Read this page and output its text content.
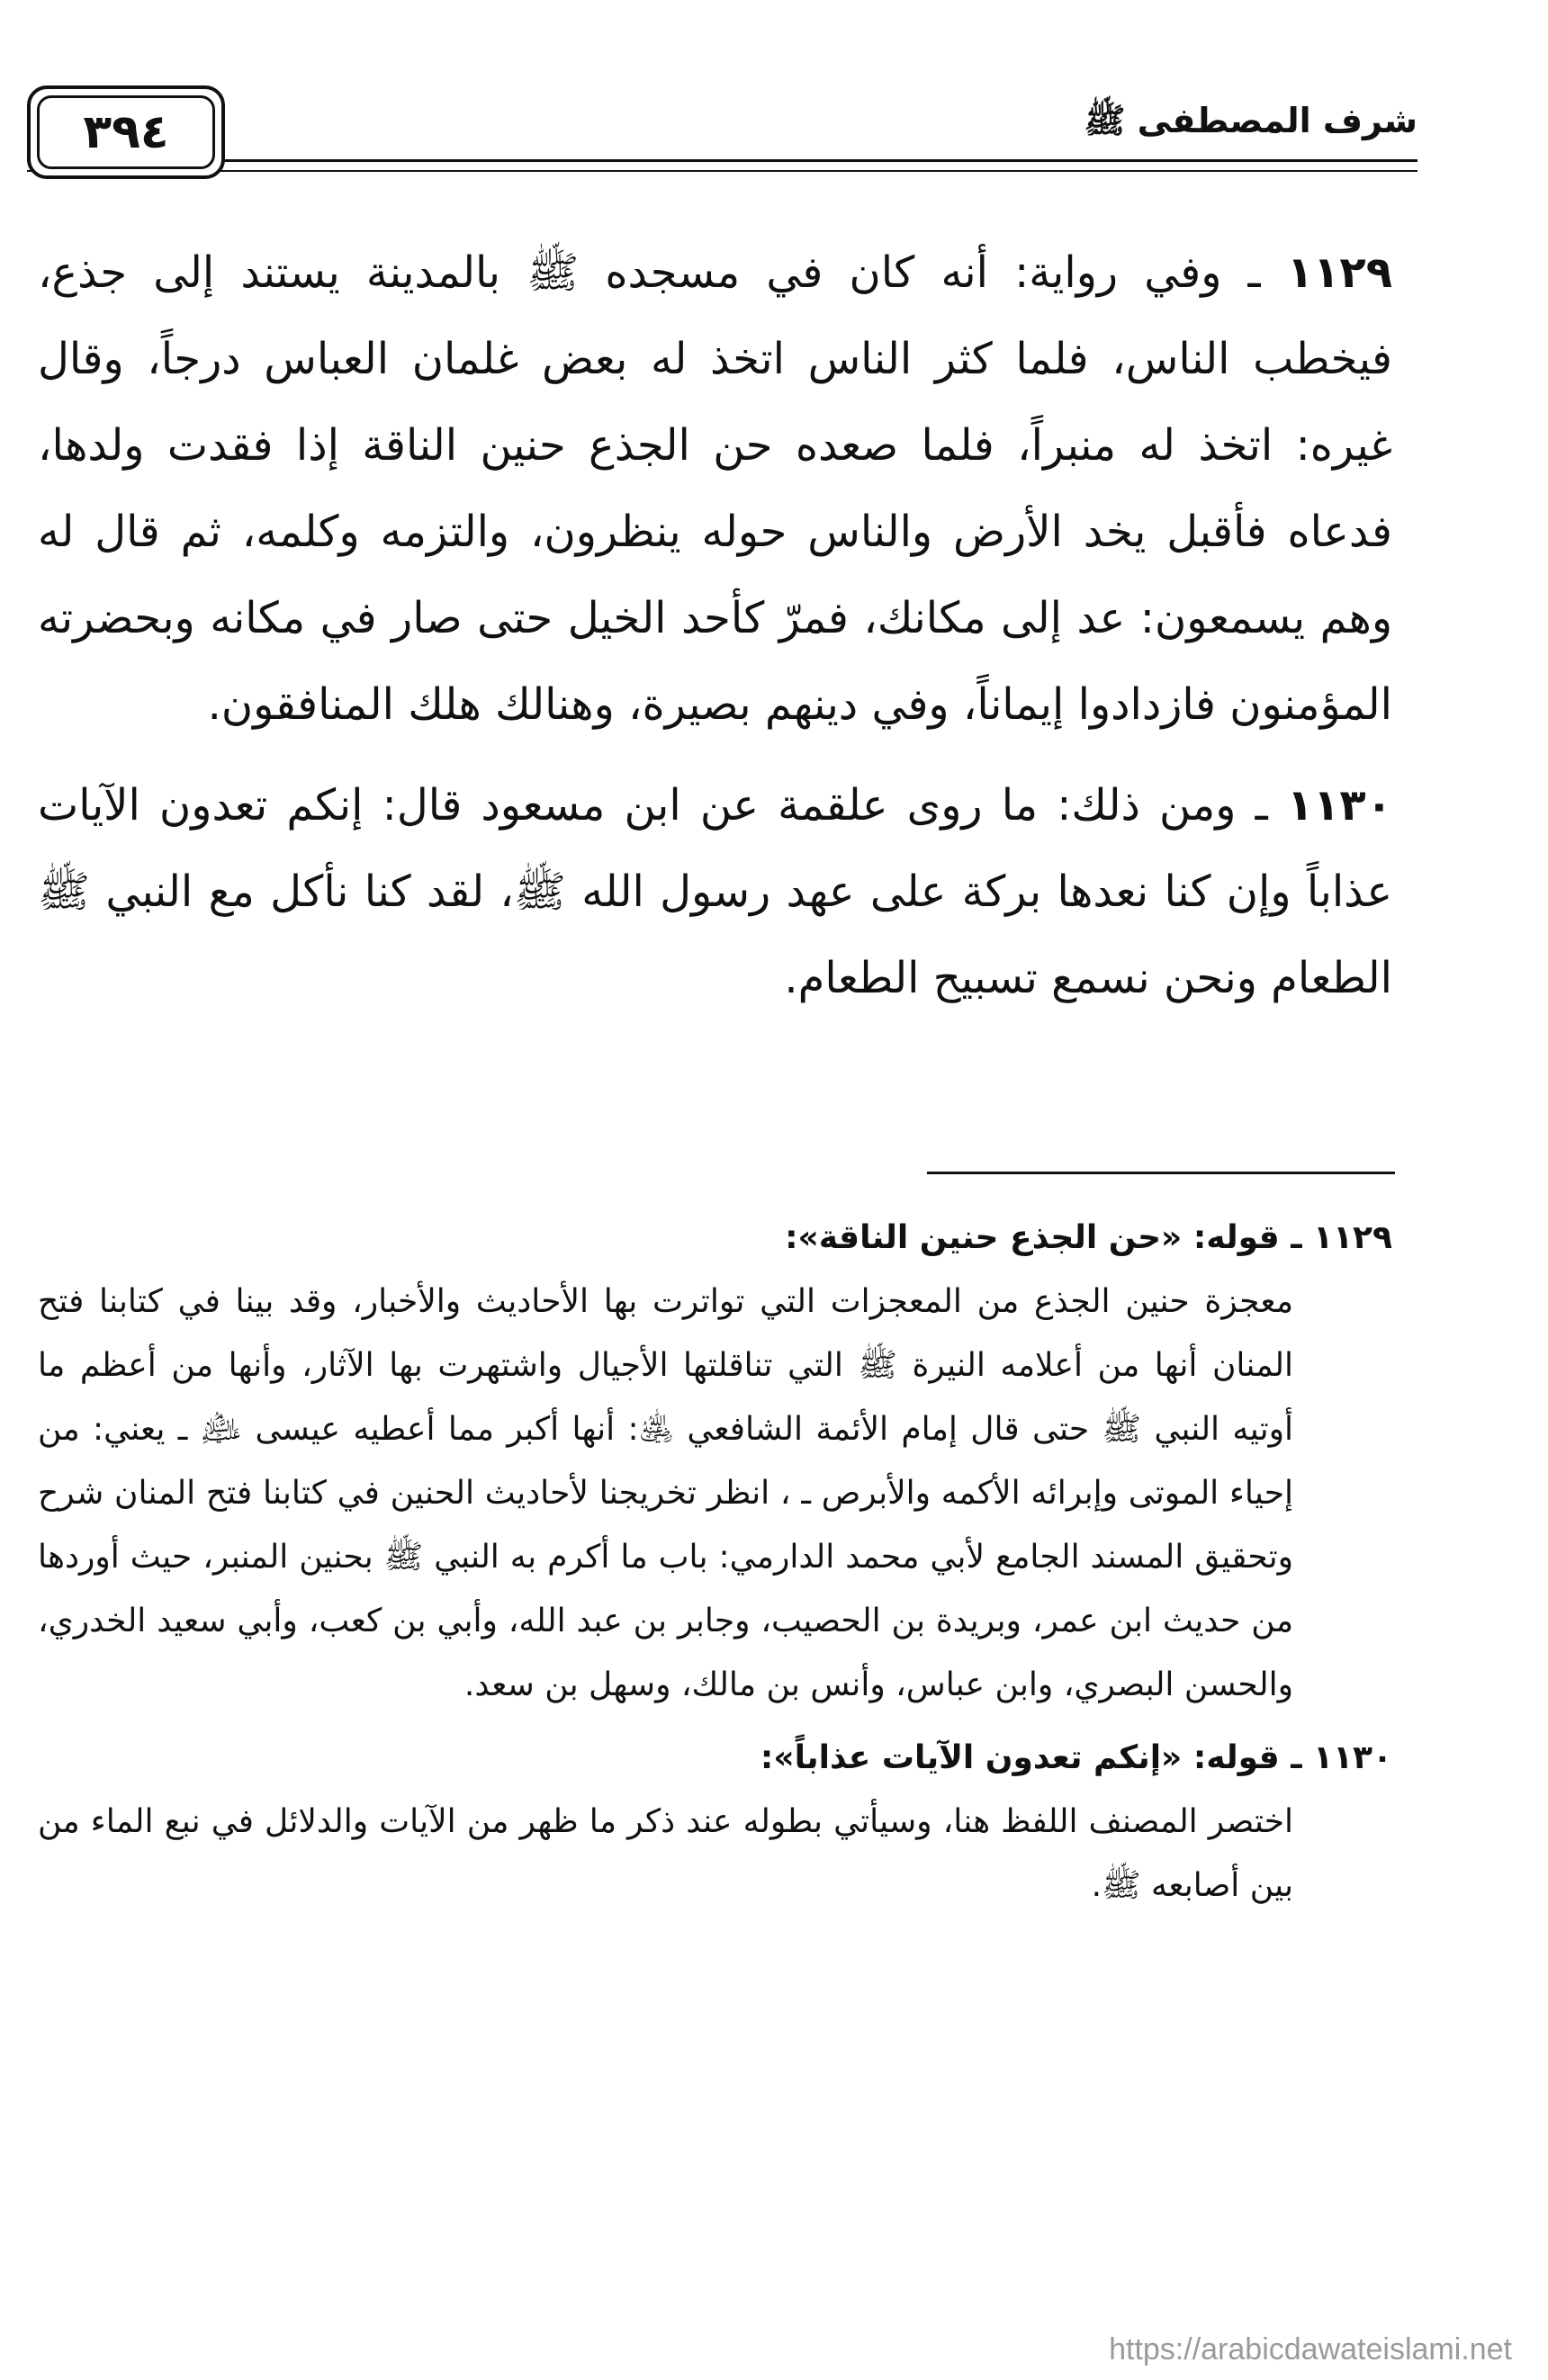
٣٩٤	شرف المصطفى ﷺ

١١٢٩ ـ وفي رواية: أنه كان في مسجده ﷺ بالمدينة يستند إلى جذع، فيخطب الناس، فلما كثر الناس اتخذ له بعض غلمان العباس درجاً، وقال غيره: اتخذ له منبراً، فلما صعده حن الجذع حنين الناقة إذا فقدت ولدها، فدعاه فأقبل يخد الأرض والناس حوله ينظرون، والتزمه وكلمه، ثم قال له وهم يسمعون: عد إلى مكانك، فمرّ كأحد الخيل حتى صار في مكانه وبحضرته المؤمنون فازدادوا إيماناً، وفي دينهم بصيرة، وهنالك هلك المنافقون.

١١٣٠ ـ ومن ذلك: ما روى علقمة عن ابن مسعود قال: إنكم تعدون الآيات عذاباً وإن كنا نعدها بركة على عهد رسول الله ﷺ، لقد كنا نأكل مع النبي ﷺ الطعام ونحن نسمع تسبيح الطعام.

١١٢٩ ـ قوله: «حن الجذع حنين الناقة»:

معجزة حنين الجذع من المعجزات التي تواترت بها الأحاديث والأخبار، وقد بينا في كتابنا فتح المنان أنها من أعلامه النيرة ﷺ التي تناقلتها الأجيال واشتهرت بها الآثار، وأنها من أعظم ما أوتيه النبي ﷺ حتى قال إمام الأئمة الشافعي ﵁: أنها أكبر مما أعطيه عيسى ﵇ ـ يعني: من إحياء الموتى وإبرائه الأكمه والأبرص ـ ، انظر تخريجنا لأحاديث الحنين في كتابنا فتح المنان شرح وتحقيق المسند الجامع لأبي محمد الدارمي: باب ما أكرم به النبي ﷺ بحنين المنبر، حيث أوردها من حديث ابن عمر، وبريدة بن الحصيب، وجابر بن عبد الله، وأبي بن كعب، وأبي سعيد الخدري، والحسن البصري، وابن عباس، وأنس بن مالك، وسهل بن سعد.

١١٣٠ ـ قوله: «إنكم تعدون الآيات عذاباً»:

اختصر المصنف اللفظ هنا، وسيأتي بطوله عند ذكر ما ظهر من الآيات والدلائل في نبع الماء من بين أصابعه ﷺ.

https://arabicdawateislami.net
